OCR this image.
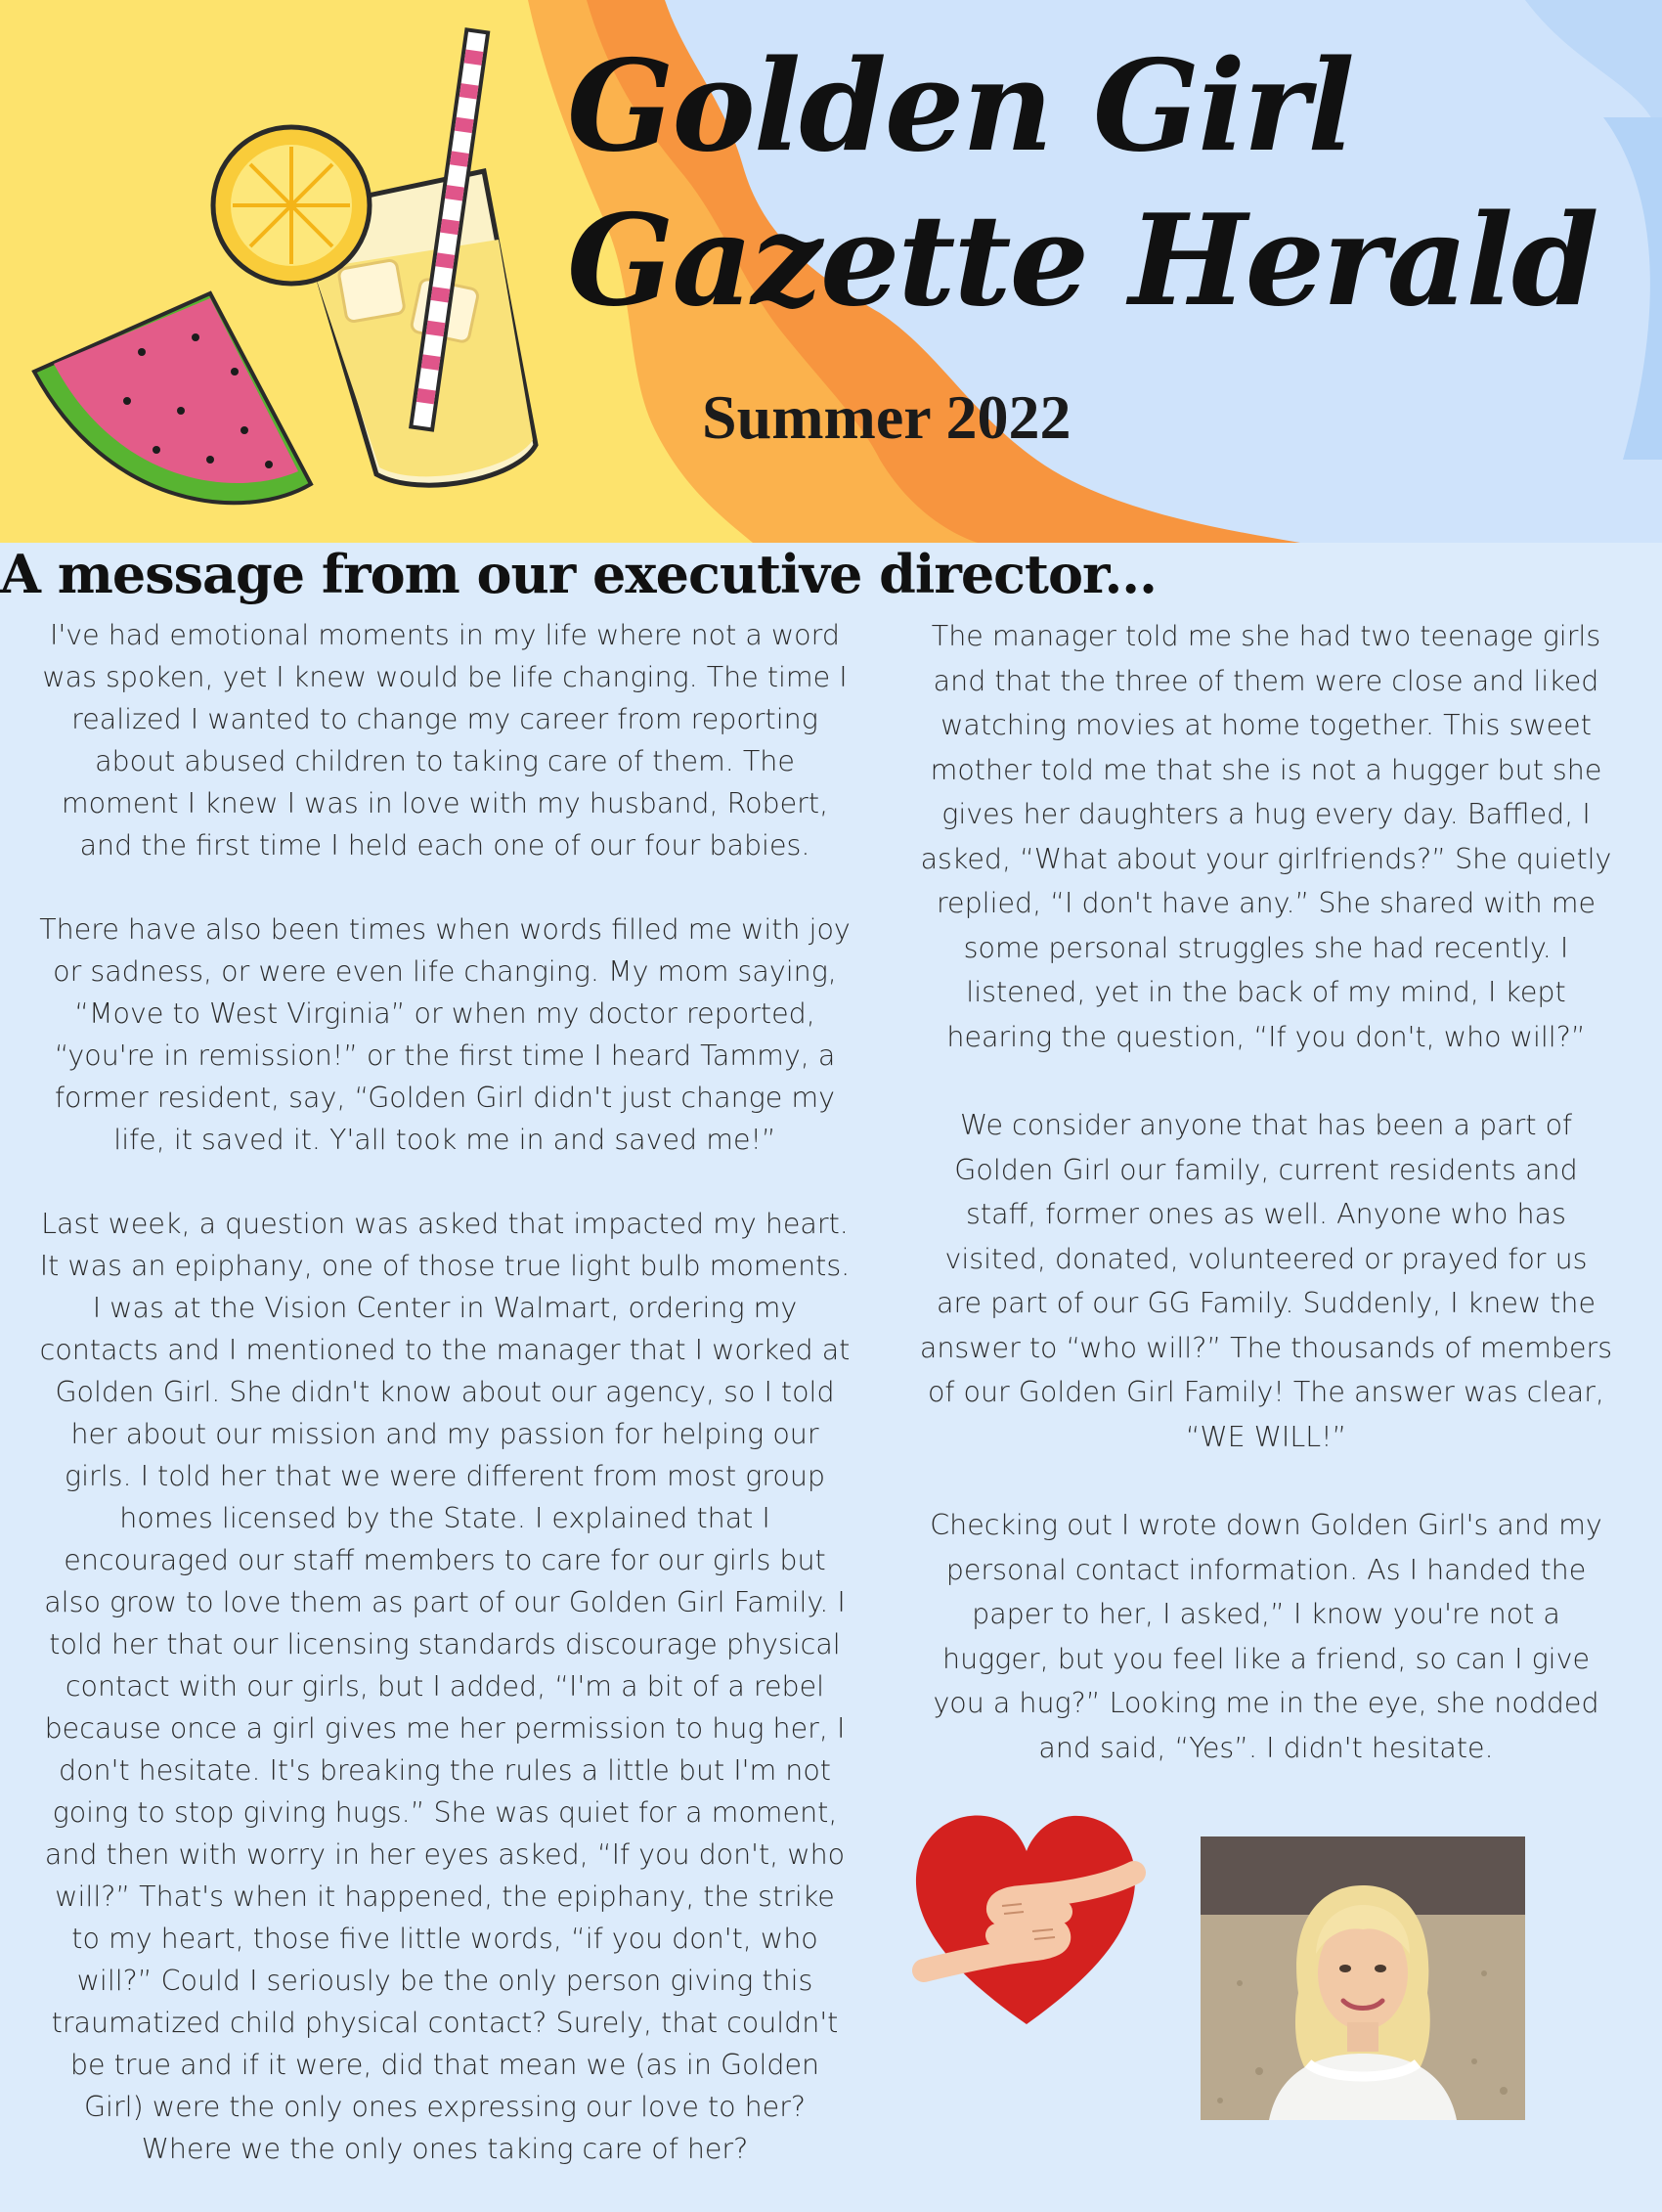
Golden Girl
Gazette Herald
Summer 2022
A message from our executive director...

I've had emotional moments in my life where not a word was spoken, yet I knew would be life changing. The time I realized I wanted to change my career from reporting about abused children to taking care of them. The moment I knew I was in love with my husband, Robert, and the first time I held each one of our four babies.

There have also been times when words filled me with joy or sadness, or were even life changing. My mom saying, “Move to West Virginia” or when my doctor reported, “you're in remission!” or the first time I heard Tammy, a former resident, say, “Golden Girl didn't just change my life, it saved it. Y'all took me in and saved me!”

Last week, a question was asked that impacted my heart. It was an epiphany, one of those true light bulb moments. I was at the Vision Center in Walmart, ordering my contacts and I mentioned to the manager that I worked at Golden Girl. She didn't know about our agency, so I told her about our mission and my passion for helping our girls. I told her that we were different from most group homes licensed by the State. I explained that I encouraged our staff members to care for our girls but also grow to love them as part of our Golden Girl Family. I told her that our licensing standards discourage physical contact with our girls, but I added, “I'm a bit of a rebel because once a girl gives me her permission to hug her, I don't hesitate. It's breaking the rules a little but I'm not going to stop giving hugs.” She was quiet for a moment, and then with worry in her eyes asked, “If you don't, who will?” That's when it happened, the epiphany, the strike to my heart, those five little words, “if you don't, who will?” Could I seriously be the only person giving this traumatized child physical contact? Surely, that couldn't be true and if it were, did that mean we (as in Golden Girl) were the only ones expressing our love to her? Where we the only ones taking care of her?

The manager told me she had two teenage girls and that the three of them were close and liked watching movies at home together. This sweet mother told me that she is not a hugger but she gives her daughters a hug every day. Baffled, I asked, “What about your girlfriends?” She quietly replied, “I don't have any.” She shared with me some personal struggles she had recently. I listened, yet in the back of my mind, I kept hearing the question, “If you don't, who will?”

We consider anyone that has been a part of Golden Girl our family, current residents and staff, former ones as well. Anyone who has visited, donated, volunteered or prayed for us are part of our GG Family. Suddenly, I knew the answer to “who will?” The thousands of members of our Golden Girl Family! The answer was clear, “WE WILL!”

Checking out I wrote down Golden Girl's and my personal contact information. As I handed the paper to her, I asked,” I know you're not a hugger, but you feel like a friend, so can I give you a hug?” Looking me in the eye, she nodded and said, “Yes”. I didn't hesitate.
